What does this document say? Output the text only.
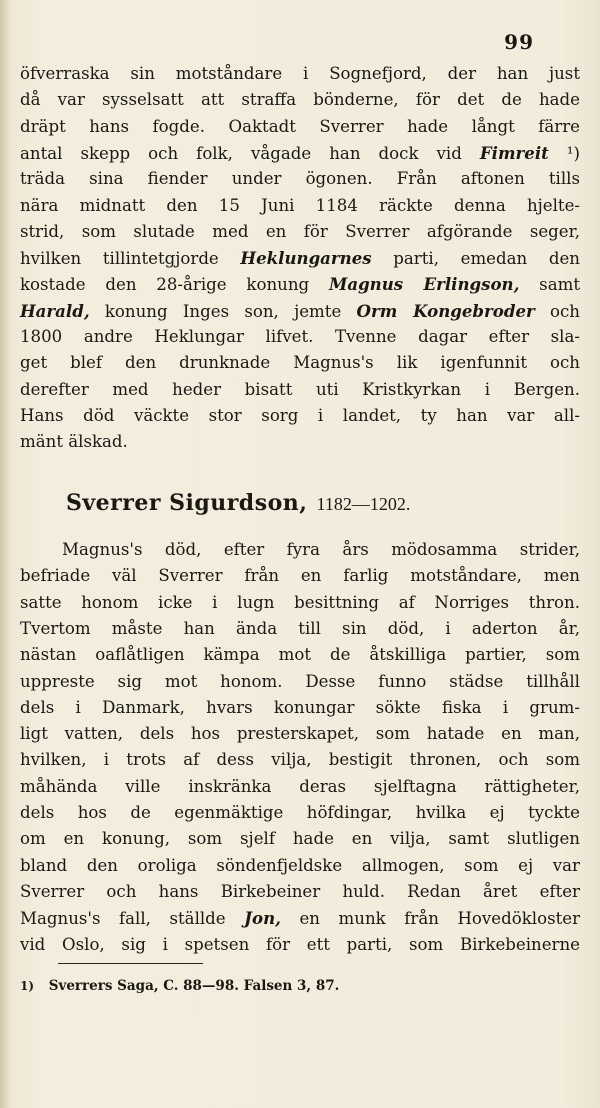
99
öfverraska sin motståndare i Sognefjord, der han just
då var sysselsatt att straffa bönderne, för det de hade
dräpt hans fogde. Oaktadt Sverrer hade långt färre
antal skepp och folk, vågade han dock vid Fimreit ¹)
träda sina fiender under ögonen. Från aftonen tills
nära midnatt den 15 Juni 1184 räckte denna hjelte-
strid, som slutade med en för Sverrer afgörande seger,
hvilken tillintetgjorde Heklungarnes parti, emedan den
kostade den 28-årige konung Magnus Erlingson, samt
Harald, konung Inges son, jemte Orm Kongebroder och
1800 andre Heklungar lifvet. Tvenne dagar efter sla-
get blef den drunknade Magnus's lik igenfunnit och
derefter med heder bisatt uti Kristkyrkan i Bergen.
Hans död väckte stor sorg i landet, ty han var all-
mänt älskad.
Sverrer Sigurdson, 1182—1202.
Magnus's död, efter fyra års mödosamma strider,
befriade väl Sverrer från en farlig motståndare, men
satte honom icke i lugn besittning af Norriges thron.
Tvertom måste han ända till sin död, i aderton år,
nästan oaflåtligen kämpa mot de åtskilliga partier, som
uppreste sig mot honom. Desse funno städse tillhåll
dels i Danmark, hvars konungar sökte fiska i grum-
ligt vatten, dels hos presterskapet, som hatade en man,
hvilken, i trots af dess vilja, bestigit thronen, och som
måhända ville inskränka deras sjelftagna rättigheter,
dels hos de egenmäktige höfdingar, hvilka ej tyckte
om en konung, som sjelf hade en vilja, samt slutligen
bland den oroliga söndenfjeldske allmogen, som ej var
Sverrer och hans Birkebeiner huld. Redan året efter
Magnus's fall, ställde Jon, en munk från Hovedökloster
vid Oslo, sig i spetsen för ett parti, som Birkebeinerne
1) Sverrers Saga, C. 88—98. Falsen 3, 87.
